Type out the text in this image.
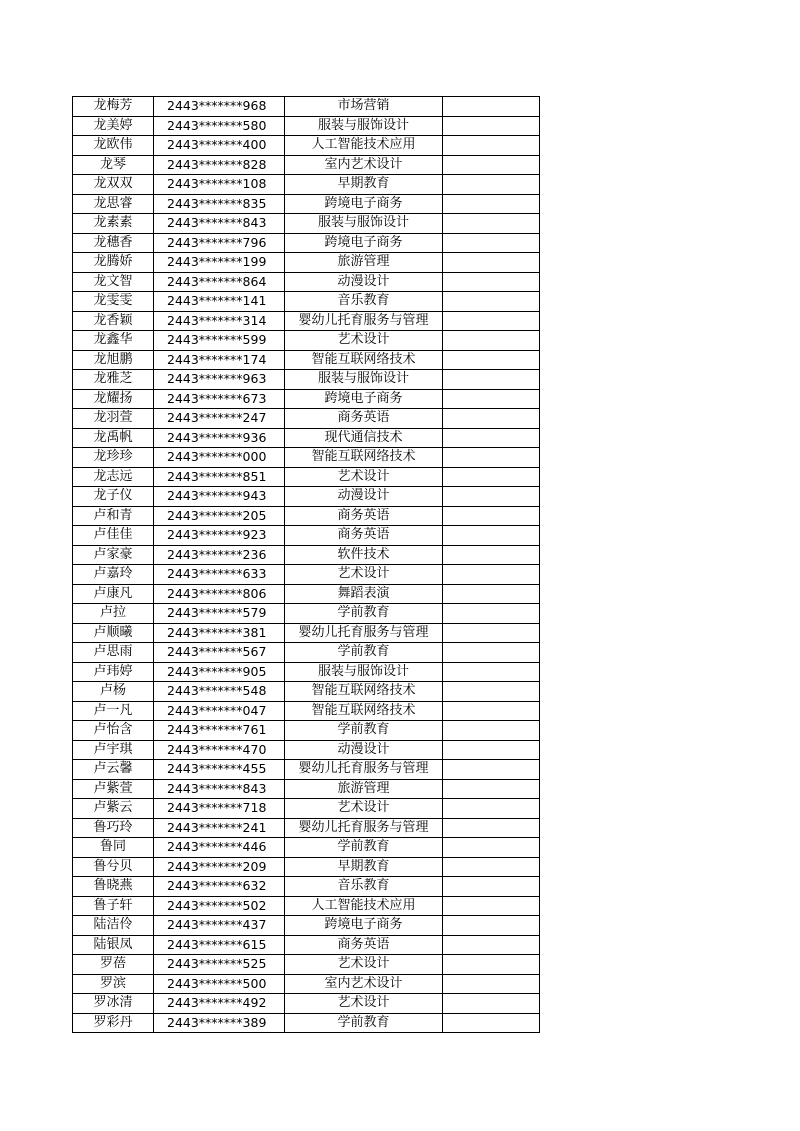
龙梅芳	2443*******968	市场营销	
龙美婷	2443*******580	服装与服饰设计	
龙欧伟	2443*******400	人工智能技术应用	
龙琴	2443*******828	室内艺术设计	
龙双双	2443*******108	早期教育	
龙思睿	2443*******835	跨境电子商务	
龙素素	2443*******843	服装与服饰设计	
龙穗香	2443*******796	跨境电子商务	
龙腾娇	2443*******199	旅游管理	
龙文智	2443*******864	动漫设计	
龙雯雯	2443*******141	音乐教育	
龙香颖	2443*******314	婴幼儿托育服务与管理	
龙鑫华	2443*******599	艺术设计	
龙旭鹏	2443*******174	智能互联网络技术	
龙雅芝	2443*******963	服装与服饰设计	
龙耀扬	2443*******673	跨境电子商务	
龙羽萱	2443*******247	商务英语	
龙禹帆	2443*******936	现代通信技术	
龙珍珍	2443*******000	智能互联网络技术	
龙志远	2443*******851	艺术设计	
龙子仪	2443*******943	动漫设计	
卢和青	2443*******205	商务英语	
卢佳佳	2443*******923	商务英语	
卢家豪	2443*******236	软件技术	
卢嘉玲	2443*******633	艺术设计	
卢康凡	2443*******806	舞蹈表演	
卢拉	2443*******579	学前教育	
卢顺曦	2443*******381	婴幼儿托育服务与管理	
卢思雨	2443*******567	学前教育	
卢玮婷	2443*******905	服装与服饰设计	
卢杨	2443*******548	智能互联网络技术	
卢一凡	2443*******047	智能互联网络技术	
卢怡含	2443*******761	学前教育	
卢宇琪	2443*******470	动漫设计	
卢云馨	2443*******455	婴幼儿托育服务与管理	
卢紫萱	2443*******843	旅游管理	
卢紫云	2443*******718	艺术设计	
鲁巧玲	2443*******241	婴幼儿托育服务与管理	
鲁同	2443*******446	学前教育	
鲁兮贝	2443*******209	早期教育	
鲁晓燕	2443*******632	音乐教育	
鲁子轩	2443*******502	人工智能技术应用	
陆洁伶	2443*******437	跨境电子商务	
陆银凤	2443*******615	商务英语	
罗蓓	2443*******525	艺术设计	
罗滨	2443*******500	室内艺术设计	
罗冰清	2443*******492	艺术设计	
罗彩丹	2443*******389	学前教育	
